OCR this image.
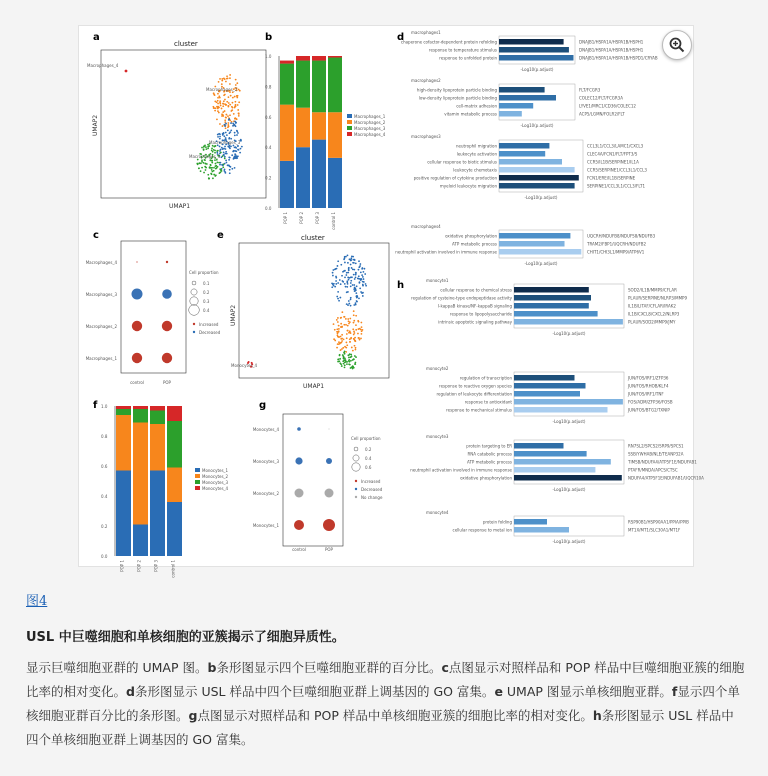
a
cluster
Macrophages_4
Macrophages_2
Macrophages_3
Macrophages_1
UMAP1
UMAP2
b
0.0
0.2
0.4
0.6
0.8
1.0
POP 1	POP 2	POP 3	control 1
Macrophages_1
Macrophages_2
Macrophages_3
Macrophages_4
c
Macrophages_4
Macrophages_3
Macrophages_2
Macrophages_1
control	POP
Cell proportion
0.1
0.2
0.3
0.4
Increased
Decreased
d macrophages1
chaperone cofactor-dependent protein refolding	DNAJB1/HSPA1A/HSPA1B/HSPH1
response to temperature stimulus	DNAJB1/HSPA1A/HSPA1B/HSPH1
response to unfolded protein	DNAJB1/HSPA1A/HSPA1B/HSPD1/CRYAB
-Log10(p.adjust)
macrophages2
high-density lipoprotein particle binding	FLT/FCGR3
low-density lipoprotein particle binding	COLEC12/FLT/FCGR3A
cell-matrix adhesion	LYVE1/MRC1/CD36/COLEC12
vitamin metabolic process	ACP5/LGMN/FOLR2/FLT
-Log10(p.adjust)
macrophages3
neutrophil migration	CCL3L1/CCL3/LAMC1/CXCL3
leukocyte activation	CLEC4A/FCN1/FLT/FPT3/S
cellular response to biotic stimulus	CCR5/IL1B/SERPINE1/IL1A
leukocyte chemotaxis	CCR5/SERPINE1/CCL3L1/CCL3
positive regulation of cytokine production	FCN1/ERE/IL1B/SERPINE
myeloid leukocyte migration	SERPINE1/CCL3L1/CCL3/FLT1
-Log10(p.adjust)
macrophages4
oxidative phosphorylation	UQCRH/NDUFB8/NDUFS8/NDUFB3
ATP metabolic process	TRAM2/FBP1/UQCRH/NDUFB2
neutrophil activation involved in immune response	CHIT1/CHI3L1/MMP9/ATP6V1
-Log10(p.adjust)
e	cluster
Monocytes_4
UMAP1
UMAP2
f
0.0
0.2
0.4
0.6
0.8
1.0
POP 1	POP 2	POP 3	control 1
Monocytes_1
Monocytes_2
Monocytes_3
Monocytes_4
g
Monocytes_4
Monocytes_3
Monocytes_2
Monocytes_1
control	POP
Cell proportion
0.2
0.4
0.6
Increased
Decreased
No change
h	monocyte1
cellular response to chemical stress	SOD2/IL1B/MMP9/CFLAR
regulation of cysteine-type endopeptidase activity	PLAUR/SERPINE/NLRP3/MMP9
I-kappaB kinase/NF-kappaB signaling	IL1B/LITAF/CFLAR/IRAK2
response to lipopolysaccharide	IL1B/CXCL8/CXCL2/NLRP3
intrinsic apoptotic signaling pathway	PLAUR/SOD2/MMP9/JMY
-Log10(p.adjust)
monocyte2
regulation of transcription	JUN/FOS/IRF1/ZFP36
response to reactive oxygen species	JUN/FOS/RHOB/KLF4
regulation of leukocyte differentiation	JUN/FOS/IRF1/TNF
response to antioxidant	FOS/ADM/ZFP36/FOSB
response to mechanical stimulus	JUN/FOS/BTG2/TXNIP
-Log10(p.adjust)
monocyte3
protein targeting to ER	RN7SL2/SPCS2/SRP9/SPCS1
RNA catabolic process	SSB/YWHAB/NLE/TEANP32A
ATP metabolic process	TIMSB/NDUFA4/ATP5F1E/NDUFAB1
neutrophil activation involved in immune response	PTAFR/MNDA/APCS/CTSC
oxidative phosphorylation	NDUFA4/ATP5F1E/NDUFAB1/UQCR10A
-Log10(p.adjust)
monocyte4
protein folding	RSP90B1/HSP90AA1/PPIA/PPIB
cellular response to metal ion	MT1X/MT1/SLC30A1/MT1F
-Log10(p.adjust)
图4
USL 中巨噬细胞和单核细胞的亚簇揭示了细胞异质性。
显示巨噬细胞亚群的 UMAP 图。b条形图显示四个巨噬细胞亚群的百分比。c点图显示对照样品和 POP 样品中巨噬细胞亚簇的细胞比率的相对变化。d条形图显示 USL 样品中四个巨噬细胞亚群上调基因的 GO 富集。e UMAP 图显示单核细胞亚群。f显示四个单核细胞亚群百分比的条形图。g点图显示对照样品和 POP 样品中单核细胞亚簇的细胞比率的相对变化。h条形图显示 USL 样品中四个单核细胞亚群上调基因的 GO 富集。
